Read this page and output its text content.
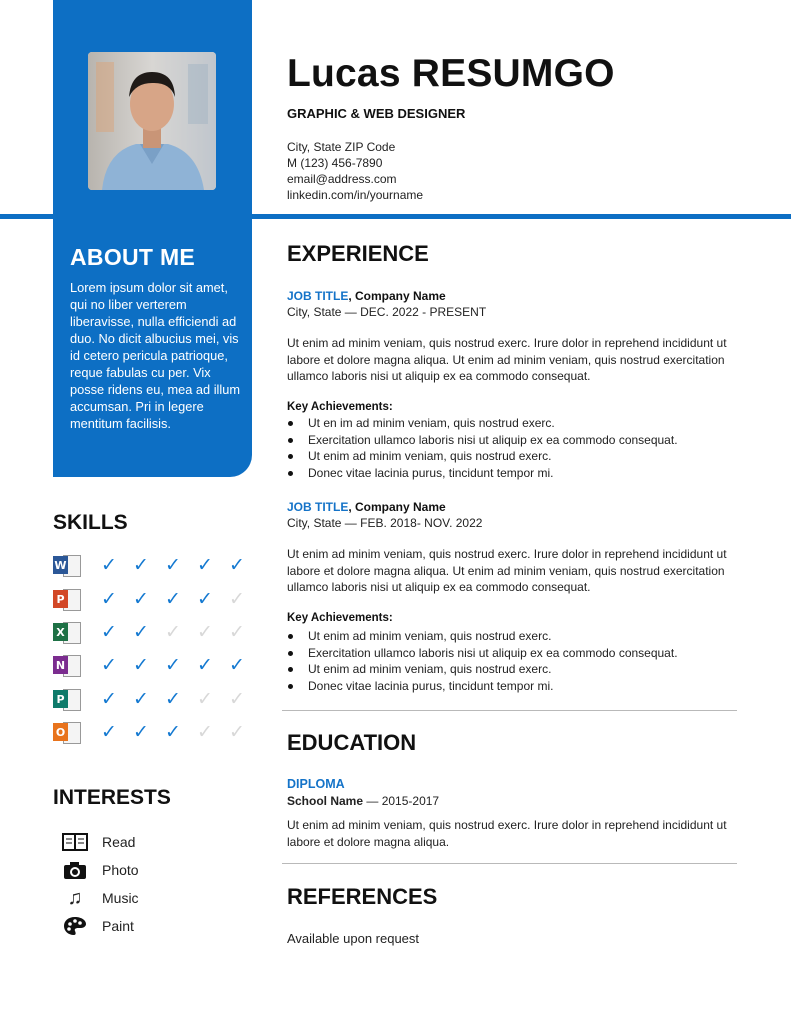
ABOUT ME
Lorem ipsum dolor sit amet, qui no liber verterem liberavisse, nulla efficiendi ad duo. No dicit albucius mei, vis id cetero pericula patrioque, reque fabulas cu per. Vix posse ridens eu, mea ad illum accumsan. Pri in legere mentitum facilisis.
SKILLS
W	✓ ✓ ✓ ✓ ✓
P	✓ ✓ ✓ ✓ ✓
X	✓ ✓ ✓ ✓ ✓
N	✓ ✓ ✓ ✓ ✓
P	✓ ✓ ✓ ✓ ✓
O	✓ ✓ ✓ ✓ ✓
INTERESTS
Read
Photo
♫	Music
Paint
Lucas RESUMGO
GRAPHIC & WEB DESIGNER
City, State ZIP Code
M (123) 456-7890
email@address.com
linkedin.com/in/yourname
EXPERIENCE
JOB TITLE, Company Name
City, State — DEC. 2022 - PRESENT
Ut enim ad minim veniam, quis nostrud exerc. Irure dolor in reprehend incididunt ut labore et dolore magna aliqua. Ut enim ad minim veniam, quis nostrud exercitation ullamco laboris nisi ut aliquip ex ea commodo consequat.
Key Achievements:
Ut en im ad minim veniam, quis nostrud exerc.
Exercitation ullamco laboris nisi ut aliquip ex ea commodo consequat.
Ut enim ad minim veniam, quis nostrud exerc.
Donec vitae lacinia purus, tincidunt tempor mi.
JOB TITLE, Company Name
City, State — FEB. 2018- NOV. 2022
Ut enim ad minim veniam, quis nostrud exerc. Irure dolor in reprehend incididunt ut labore et dolore magna aliqua. Ut enim ad minim veniam, quis nostrud exercitation ullamco laboris nisi ut aliquip ex ea commodo consequat.
Key Achievements:
Ut enim ad minim veniam, quis nostrud exerc.
Exercitation ullamco laboris nisi ut aliquip ex ea commodo consequat.
Ut enim ad minim veniam, quis nostrud exerc.
Donec vitae lacinia purus, tincidunt tempor mi.
EDUCATION
DIPLOMA
School Name — 2015-2017
Ut enim ad minim veniam, quis nostrud exerc. Irure dolor in reprehend incididunt ut labore et dolore magna aliqua.
REFERENCES
Available upon request
